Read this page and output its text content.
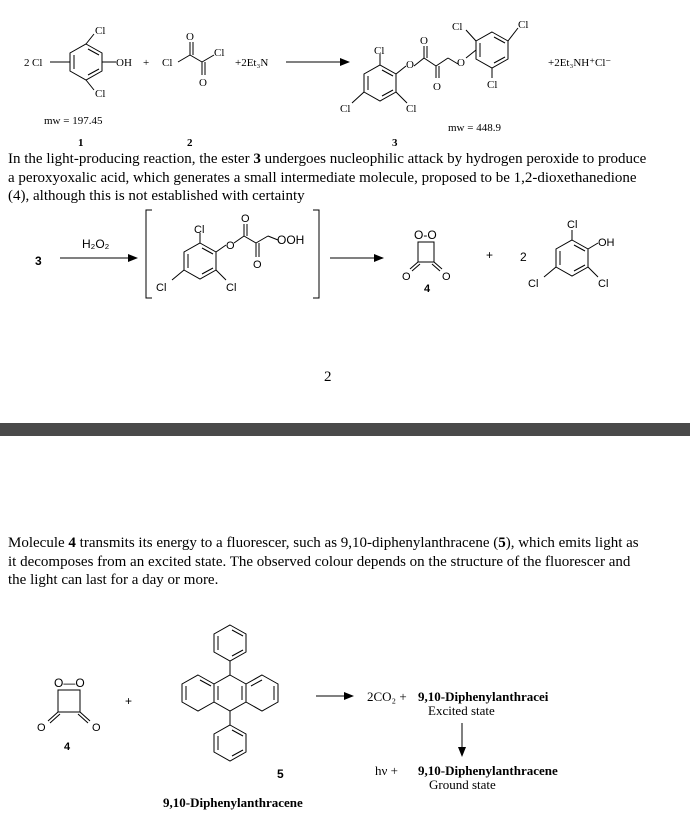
2 Cl
Cl
Cl
OH + Cl
O
Cl
O
+2Et₃N
Cl
Cl	Cl
O
O
O
O
Cl	Cl
Cl
+2Et₃NH⁺Cl⁻
mw = 197.45
mw = 448.9
1	2	3
In the light-producing reaction, the ester 3 undergoes nucleophilic attack by hydrogen peroxide to produce a peroxyoxalic acid, which generates a small intermediate molecule, proposed to be 1,2-dioxethanedione (4), although this is not established with certainty
3
H₂O₂
Cl
Cl	Cl
O
O
O
OOH	O-O
O	O
4
+ 2
Cl
OH
Cl	Cl
2
Molecule 4 transmits its energy to a fluorescer, such as 9,10-diphenylanthracene (5), which emits light as it decomposes from an excited state. The observed colour depends on the structure of the fluorescer and the light can last for a day or more.
O—O
O	O
4
+
5
9,10-Diphenylanthracene
2CO₂ + 9,10-Diphenylanthracei
Excited state
hν + 9,10-Diphenylanthracene
Ground state
